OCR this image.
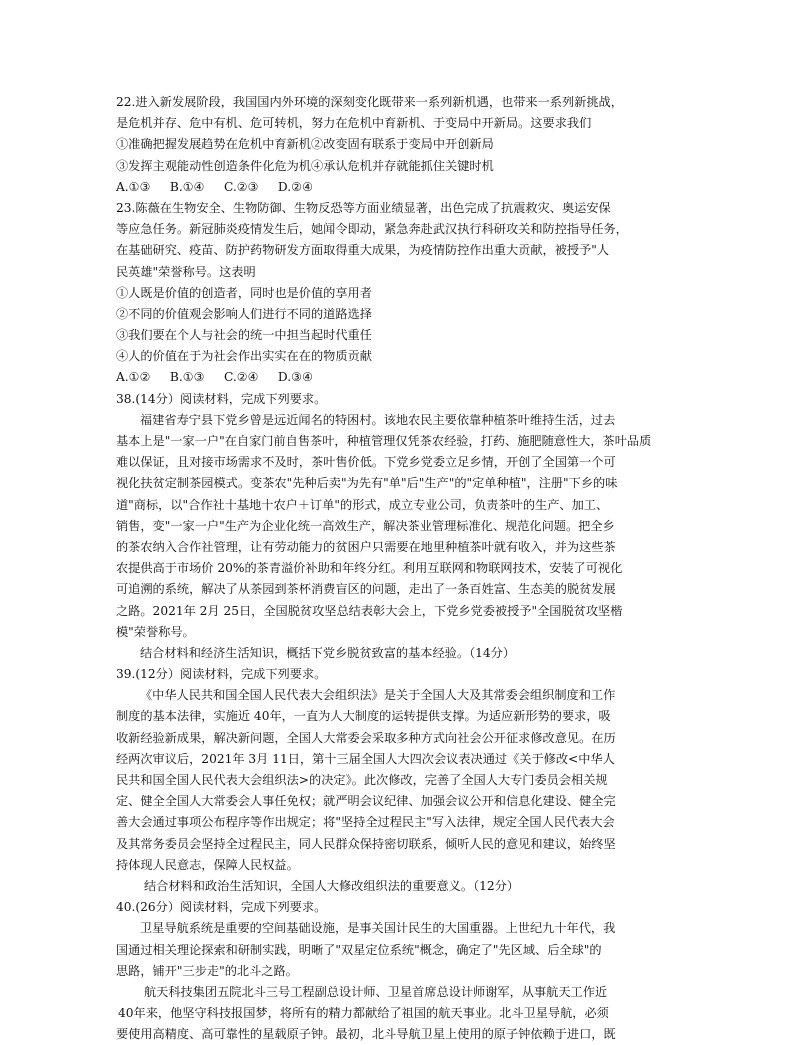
22.进入新发展阶段，我国国内外环境的深刻变化既带来一系列新机遇，也带来一系列新挑战，
是危机并存、危中有机、危可转机，努力在危机中育新机、于变局中开新局。这要求我们
①准确把握发展趋势在危机中育新机②改变固有联系于变局中开创新局
③发挥主观能动性创造条件化危为机④承认危机并存就能抓住关键时机
A.①③     B.①④     C.②③     D.②④
23.陈薇在生物安全、生物防御、生物反恐等方面业绩显著，出色完成了抗震救灾、奥运安保
等应急任务。新冠肺炎疫情发生后，她闻令即动，紧急奔赴武汉执行科研攻关和防控指导任务，
在基础研究、疫苗、防护药物研发方面取得重大成果，为疫情防控作出重大贡献，被授予"人
民英雄"荣誉称号。这表明
①人既是价值的创造者，同时也是价值的享用者
②不同的价值观会影响人们进行不同的道路选择
③我们要在个人与社会的统一中担当起时代重任
④人的价值在于为社会作出实实在在的物质贡献
A.①②     B.①③     C.②④     D.③④
38.(14分）阅读材料，完成下列要求。
福建省寿宁县下党乡曾是远近闻名的特困村。该地农民主要依靠种植茶叶维持生活，过去
基本上是"一家一户"在自家门前自售茶叶，种植管理仅凭茶农经验，打药、施肥随意性大，茶叶品质
难以保证，且对接市场需求不及时，茶叶售价低。下党乡党委立足乡情，开创了全国第一个可
视化扶贫定制茶园模式。变茶农"先种后卖"为先有"单"后"生产"的"定单种植"，注册"下乡的味
道"商标，以"合作社十基地十农户＋订单"的形式，成立专业公司，负责茶叶的生产、加工、
销售，变"一家一户"生产为企业化统一高效生产，解决茶业管理标准化、规范化问题。把全乡
的茶农纳入合作社管理，让有劳动能力的贫困户只需要在地里种植茶叶就有收入，并为这些茶
农提供高于市场价 20%的茶青溢价补助和年终分红。利用互联网和物联网技术，安装了可视化
可追溯的系统，解决了从茶园到茶杯消费盲区的问题，走出了一条百姓富、生态美的脱贫发展
之路。2021年 2月 25日，全国脱贫攻坚总结表彰大会上，下党乡党委被授予"全国脱贫攻坚楷
模"荣誉称号。
结合材料和经济生活知识，概括下党乡脱贫致富的基本经验。（14分）
39.(12分）阅读材料，完成下列要求。
《中华人民共和国全国人民代表大会组织法》是关于全国人大及其常委会组织制度和工作
制度的基本法律，实施近 40年，一直为人大制度的运转提供支撑。为适应新形势的要求，吸
收新经验新成果，解决新问题，全国人大常委会采取多种方式向社会公开征求修改意见。在历
经两次审议后，2021年 3月 11日，第十三届全国人大四次会议表决通过《关于修改<中华人
民共和国全国人民代表大会组织法>的决定》。此次修改，完善了全国人大专门委员会相关规
定、健全全国人大常委会人事任免权；就严明会议纪律、加强会议公开和信息化建设、健全完
善大会通过事项公布程序等作出规定；将"坚持全过程民主"写入法律，规定全国人民代表大会
及其常务委员会坚持全过程民主，同人民群众保持密切联系，倾听人民的意见和建议，始终坚
持体现人民意志，保障人民权益。
结合材料和政治生活知识，全国人大修改组织法的重要意义。（12分）
40.(26分）阅读材料，完成下列要求。
卫星导航系统是重要的空间基础设施，是事关国计民生的大国重器。上世纪九十年代，我
国通过相关理论探索和研制实践，明晰了"双星定位系统"概念，确定了"先区域、后全球"的
思路，铺开"三步走"的北斗之路。
航天科技集团五院北斗三号工程副总设计师、卫星首席总设计师谢军，从事航天工作近
40年来，他坚守科技报国梦，将所有的精力都献给了祖国的航天事业。北斗卫星导航，必须
要使用高精度、高可靠性的星载原子钟。最初，北斗导航卫星上使用的原子钟依赖于进口，既
